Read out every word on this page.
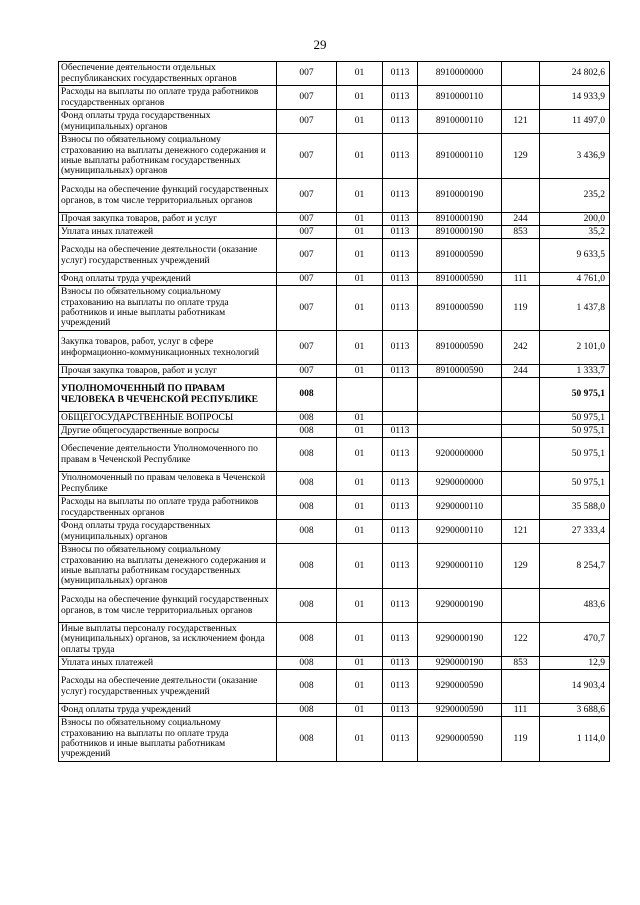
29
Обеспечение деятельности отдельных республиканских государственных органов	007	01	0113	8910000000		24 802,6
Расходы на выплаты по оплате труда работников государственных органов	007	01	0113	8910000110		14 933,9
Фонд оплаты труда государственных (муниципальных) органов	007	01	0113	8910000110	121	11 497,0
Взносы по обязательному социальному страхованию на выплаты денежного содержания и иные выплаты работникам государственных (муниципальных) органов	007	01	0113	8910000110	129	3 436,9
Расходы на обеспечение функций государственных органов, в том числе территориальных органов	007	01	0113	8910000190		235,2
Прочая закупка товаров, работ и услуг	007	01	0113	8910000190	244	200,0
Уплата иных платежей	007	01	0113	8910000190	853	35,2
Расходы на обеспечение деятельности (оказание услуг) государственных учреждений	007	01	0113	8910000590		9 633,5
Фонд оплаты труда учреждений	007	01	0113	8910000590	111	4 761,0
Взносы по обязательному социальному страхованию на выплаты по оплате труда работников и иные выплаты работникам учреждений	007	01	0113	8910000590	119	1 437,8
Закупка товаров, работ, услуг в сфере информационно-коммуникационных технологий	007	01	0113	8910000590	242	2 101,0
Прочая закупка товаров, работ и услуг	007	01	0113	8910000590	244	1 333,7
УПОЛНОМОЧЕННЫЙ ПО ПРАВАМ ЧЕЛОВЕКА В ЧЕЧЕНСКОЙ РЕСПУБЛИКЕ	008					50 975,1
ОБЩЕГОСУДАРСТВЕННЫЕ ВОПРОСЫ	008	01				50 975,1
Другие общегосударственные вопросы	008	01	0113			50 975,1
Обеспечение деятельности Уполномоченного по правам в Чеченской Республике	008	01	0113	9200000000		50 975,1
Уполномоченный по правам человека в Чеченской Республике	008	01	0113	9290000000		50 975,1
Расходы на выплаты по оплате труда работников государственных органов	008	01	0113	9290000110		35 588,0
Фонд оплаты труда государственных (муниципальных) органов	008	01	0113	9290000110	121	27 333,4
Взносы по обязательному социальному страхованию на выплаты денежного содержания и иные выплаты работникам государственных (муниципальных) органов	008	01	0113	9290000110	129	8 254,7
Расходы на обеспечение функций государственных органов, в том числе территориальных органов	008	01	0113	9290000190		483,6
Иные выплаты персоналу государственных (муниципальных) органов, за исключением фонда оплаты труда	008	01	0113	9290000190	122	470,7
Уплата иных платежей	008	01	0113	9290000190	853	12,9
Расходы на обеспечение деятельности (оказание услуг) государственных учреждений	008	01	0113	9290000590		14 903,4
Фонд оплаты труда учреждений	008	01	0113	9290000590	111	3 688,6
Взносы по обязательному социальному страхованию на выплаты по оплате труда работников и иные выплаты работникам учреждений	008	01	0113	9290000590	119	1 114,0
